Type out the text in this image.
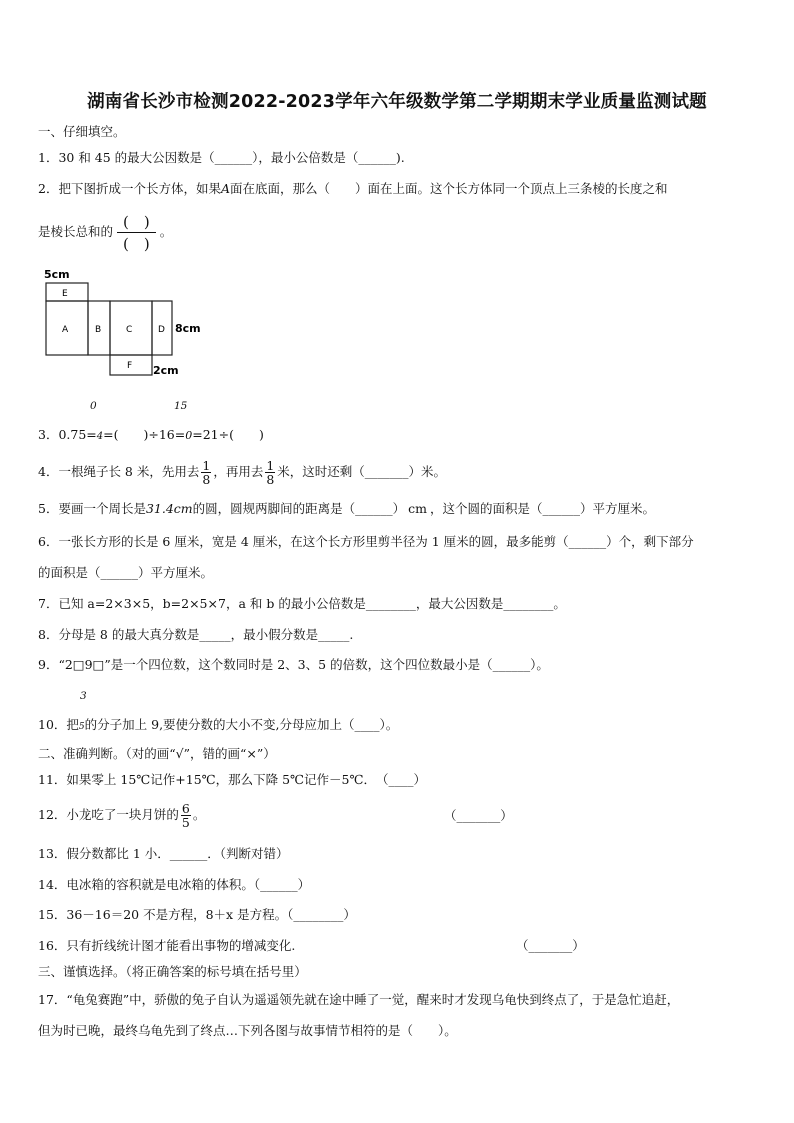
湖南省长沙市检测2022-2023学年六年级数学第二学期期末学业质量监测试题
一、仔细填空。
1．30 和 45 的最大公因数是（______），最小公倍数是（______).
2．把下图折成一个长方体，如果A面在底面，那么（　　）面在上面。这个长方体同一个顶点上三条棱的长度之和
是棱长总和的 $\frac{( )}{( )}$ 。
5cm
E
A	B	C	D 8cm
F 2cm
0	15
3．0.75=4=(　　)÷16=0=21÷(　　)
4．一根绳子长 8 米，先用去 $\frac{1}{8}$ ，再用去 $\frac{1}{8}$ 米，这时还剩（_______）米。
5．要画一个周长是31.4cm的圆，圆规两脚间的距离是（______） cm ，这个圆的面积是（______）平方厘米。
6．一张长方形的长是 6 厘米，宽是 4 厘米，在这个长方形里剪半径为 1 厘米的圆，最多能剪（______）个，剩下部分
的面积是（______）平方厘米。
7．已知 a=2×3×5，b=2×5×7，a 和 b 的最小公倍数是________，最大公因数是________。
8．分母是 8 的最大真分数是_____，最小假分数是_____.
9．“2□9□”是一个四位数，这个数同时是 2、3、5 的倍数，这个四位数最小是（______）。
3
10．把5的分子加上 9,要使分数的大小不变,分母应加上（____）。
二、准确判断。（对的画“√”，错的画“×”）
11．如果零上 15℃记作+15℃，那么下降 5℃记作－5℃．　（____）
12．小龙吃了一块月饼的 $\frac{6}{5}$ 。	（_______）
13．假分数都比 1 小．______．（判断对错）
14．电冰箱的容积就是电冰箱的体积。（______）
15．36－16＝20 不是方程，8＋x 是方程。（________）
16．只有折线统计图才能看出事物的增减变化.	（_______）
三、谨慎选择。（将正确答案的标号填在括号里）
17．“龟兔赛跑”中，骄傲的兔子自认为遥遥领先就在途中睡了一觉，醒来时才发现乌龟快到终点了，于是急忙追赶，
但为时已晚，最终乌龟先到了终点…下列各图与故事情节相符的是（　　）。
